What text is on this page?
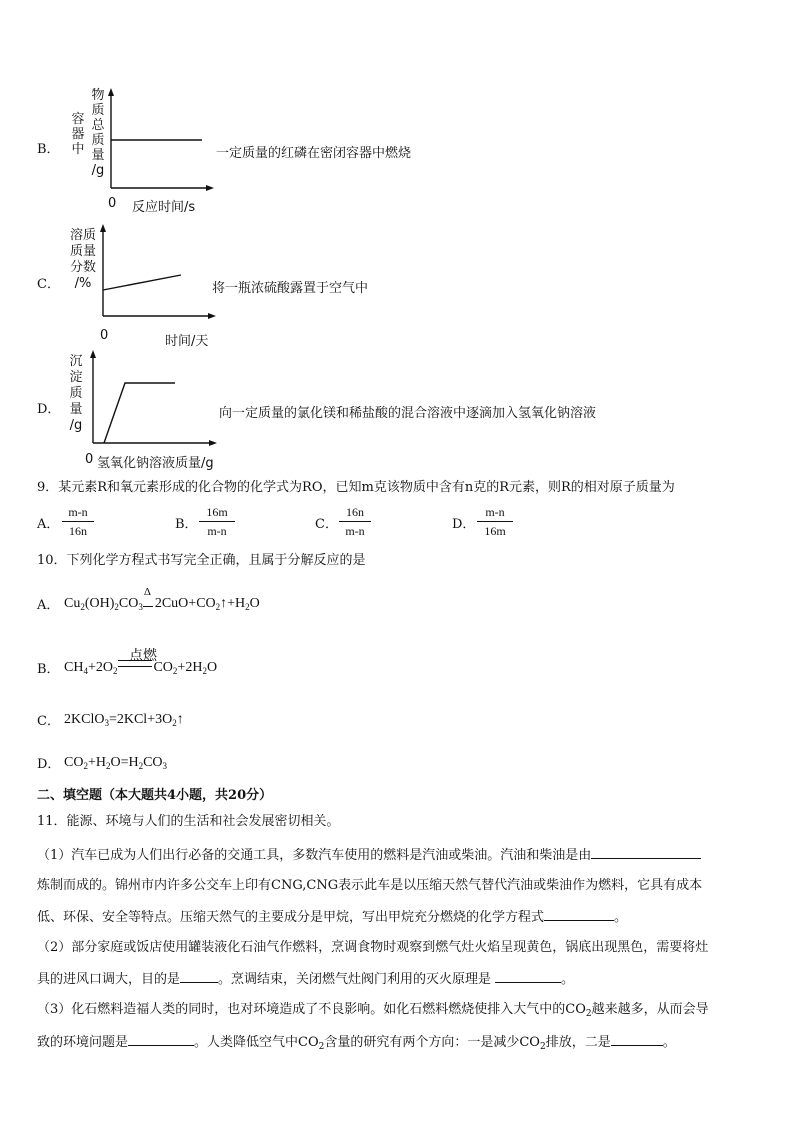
B．
容
器
中
物
质
总
质
量
/g
0 反应时间/s
一定质量的红磷在密闭容器中燃烧
C．
溶质
质量
分数
/%
0	时间/天
将一瓶浓硫酸露置于空气中
D．
沉
淀
质
量
/g
0 氢氧化钠溶液质量/g
向一定质量的氯化镁和稀盐酸的混合溶液中逐滴加入氢氧化钠溶液
9．某元素R和氧元素形成的化合物的化学式为RO，已知m克该物质中含有n克的R元素，则R的相对原子质量为
A． $\frac{m-n}{16n}$	B． $\frac{16m}{m-n}$	C． $\frac{16n}{m-n}$	D． $\frac{m-n}{16m}$
10．下列化学方程式书写完全正确，且属于分解反应的是
A． $Cu_2(OH)_2CO_3$
Δ
$2CuO+CO_2↑+H_2O$
B．
点燃
$CH_4+2O_2$	$CO_2+2H_2O$
C． $2KClO_3=2KCl+3O_2↑$
D． $CO_2+H_2O=H_2CO_3$
二、填空题（本大题共4小题，共20分）
11．能源、环境与人们的生活和社会发展密切相关。
（1）汽车已成为人们出行必备的交通工具，多数汽车使用的燃料是汽油或柴油。汽油和柴油是由
炼制而成的。锦州市内许多公交车上印有CNG,CNG表示此车是以压缩天然气替代汽油或柴油作为燃料，它具有成本
低、环保、安全等特点。压缩天然气的主要成分是甲烷，写出甲烷充分燃烧的化学方程式	。
（2）部分家庭或饭店使用罐装液化石油气作燃料，烹调食物时观察到燃气灶火焰呈现黄色，锅底出现黑色，需要将灶
具的进风口调大，目的是	。烹调结束，关闭燃气灶阀门利用的灭火原理是	。
（3）化石燃料造福人类的同时，也对环境造成了不良影响。如化石燃料燃烧使排入大气中的$CO_2$越来越多，从而会导
致的环境问题是	。人类降低空气中$CO_2$含量的研究有两个方向：一是减少$CO_2$排放，二是	。
